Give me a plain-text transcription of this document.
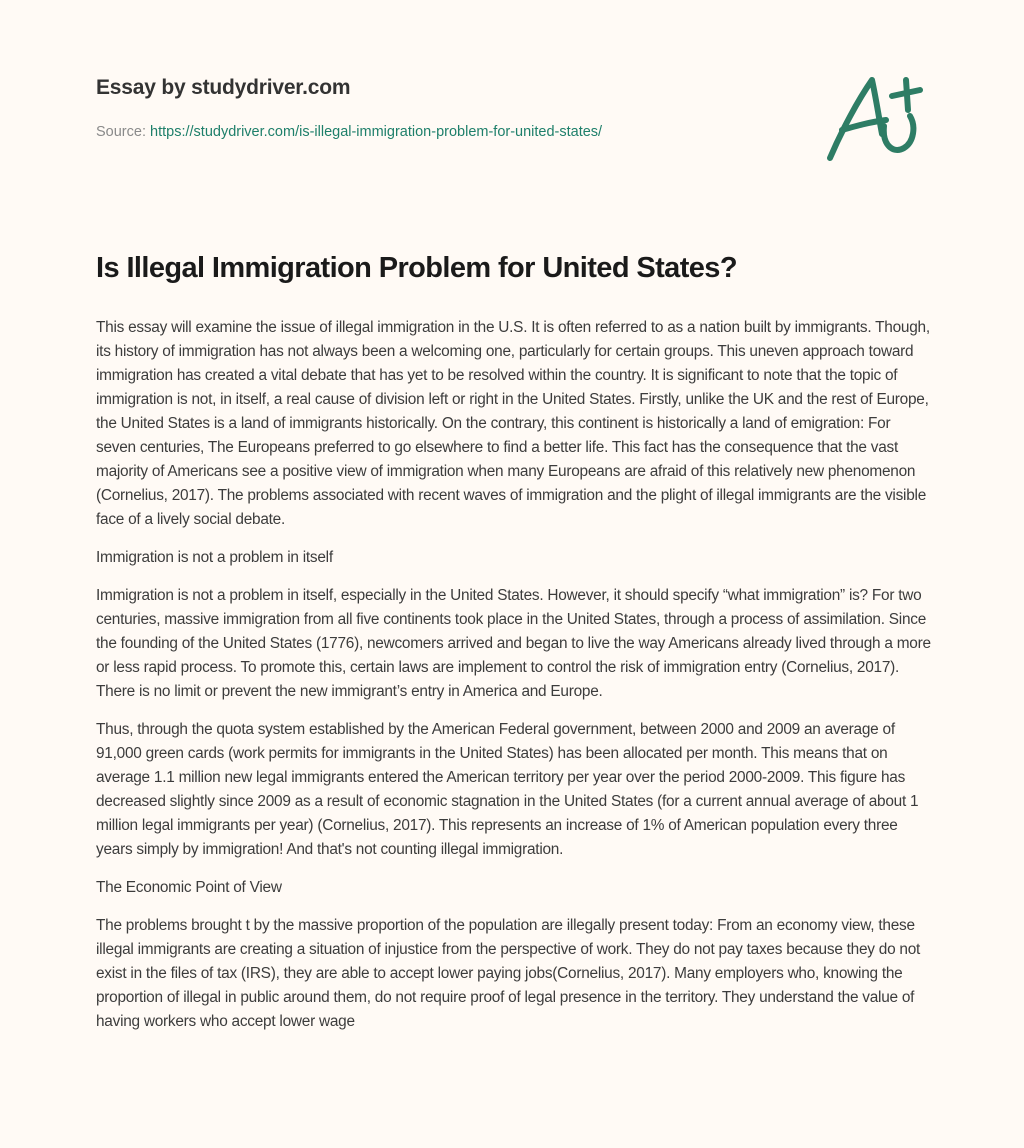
Essay by studydriver.com
Source: https://studydriver.com/is-illegal-immigration-problem-for-united-states/
Is Illegal Immigration Problem for United States?

This essay will examine the issue of illegal immigration in the U.S. It is often referred to as a nation built by immigrants. Though, its history of immigration has not always been a welcoming one, particularly for certain groups. This uneven approach toward immigration has created a vital debate that has yet to be resolved within the country. It is significant to note that the topic of immigration is not, in itself, a real cause of division left or right in the United States. Firstly, unlike the UK and the rest of Europe, the United States is a land of immigrants historically. On the contrary, this continent is historically a land of emigration: For seven centuries, The Europeans preferred to go elsewhere to find a better life. This fact has the consequence that the vast majority of Americans see a positive view of immigration when many Europeans are afraid of this relatively new phenomenon (Cornelius, 2017). The problems associated with recent waves of immigration and the plight of illegal immigrants are the visible face of a lively social debate.

Immigration is not a problem in itself

Immigration is not a problem in itself, especially in the United States. However, it should specify “what immigration” is? For two centuries, massive immigration from all five continents took place in the United States, through a process of assimilation. Since the founding of the United States (1776), newcomers arrived and began to live the way Americans already lived through a more or less rapid process. To promote this, certain laws are implement to control the risk of immigration entry (Cornelius, 2017). There is no limit or prevent the new immigrant’s entry in America and Europe.

Thus, through the quota system established by the American Federal government, between 2000 and 2009 an average of 91,000 green cards (work permits for immigrants in the United States) has been allocated per month. This means that on average 1.1 million new legal immigrants entered the American territory per year over the period 2000-2009. This figure has decreased slightly since 2009 as a result of economic stagnation in the United States (for a current annual average of about 1 million legal immigrants per year) (Cornelius, 2017). This represents an increase of 1% of American population every three years simply by immigration! And that's not counting illegal immigration.

The Economic Point of View

The problems brought t by the massive proportion of the population are illegally present today: From an economy view, these illegal immigrants are creating a situation of injustice from the perspective of work. They do not pay taxes because they do not exist in the files of tax (IRS), they are able to accept lower paying jobs(Cornelius, 2017). Many employers who, knowing the proportion of illegal in public around them, do not require proof of legal presence in the territory. They understand the value of having workers who accept lower wage
